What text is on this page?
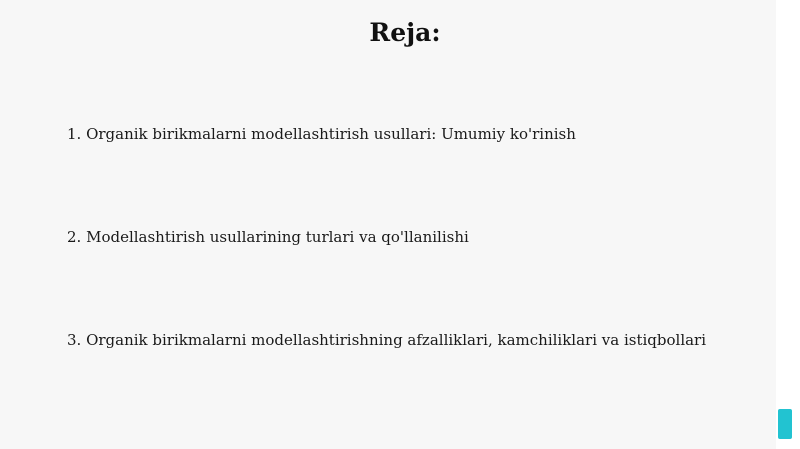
Reja:

1. Organik birikmalarni modellashtirish usullari: Umumiy ko'rinish

2. Modellashtirish usullarining turlari va qo'llanilishi

3. Organik birikmalarni modellashtirishning afzalliklari, kamchiliklari va istiqbollari
